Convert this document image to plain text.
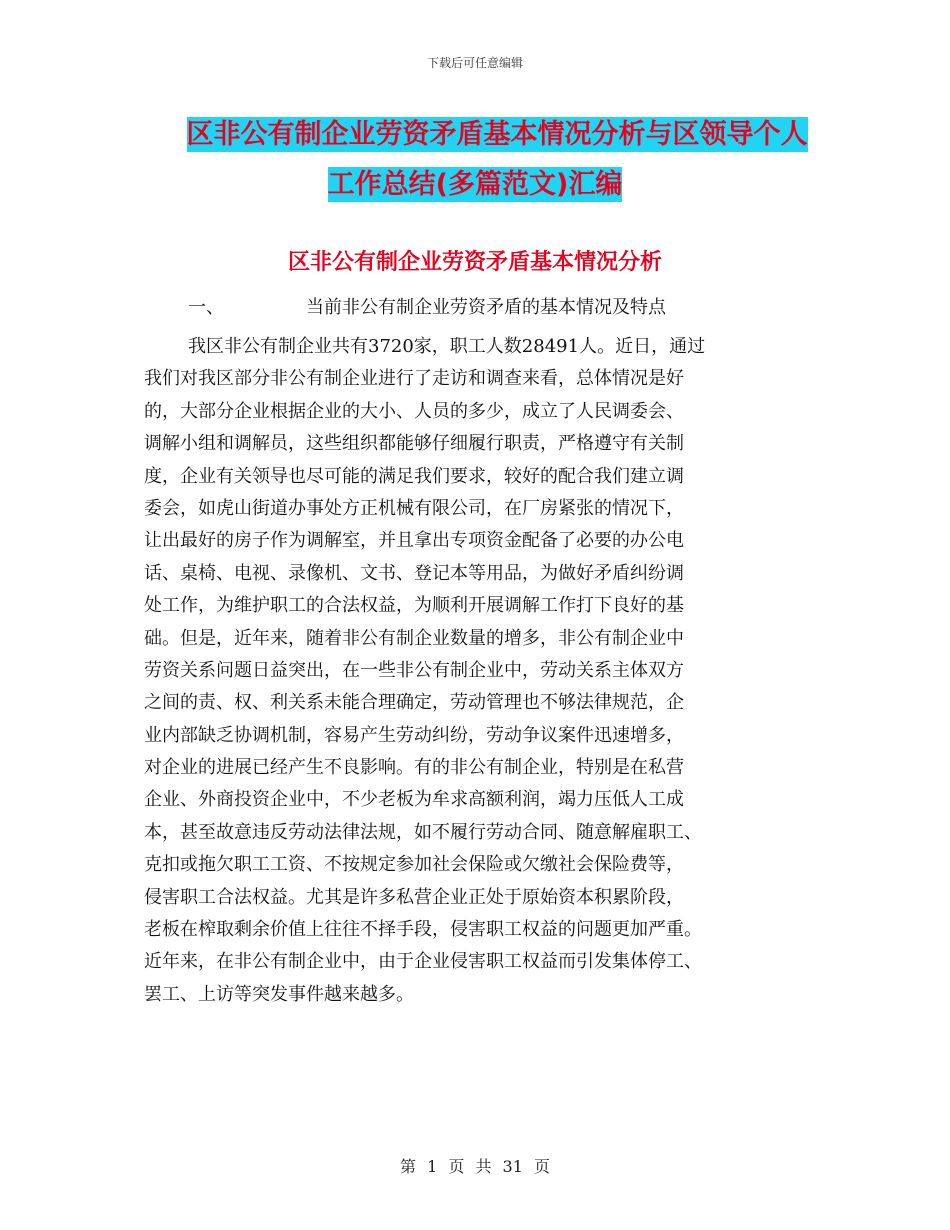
下载后可任意编辑
区非公有制企业劳资矛盾基本情况分析与区领导个人
工作总结(多篇范文)汇编
区非公有制企业劳资矛盾基本情况分析
一、	当前非公有制企业劳资矛盾的基本情况及特点
我区非公有制企业共有3720家，职工人数28491人。近日，通过
我们对我区部分非公有制企业进行了走访和调查来看，总体情况是好
的，大部分企业根据企业的大小、人员的多少，成立了人民调委会、
调解小组和调解员，这些组织都能够仔细履行职责，严格遵守有关制
度，企业有关领导也尽可能的满足我们要求，较好的配合我们建立调
委会，如虎山街道办事处方正机械有限公司，在厂房紧张的情况下，
让出最好的房子作为调解室，并且拿出专项资金配备了必要的办公电
话、桌椅、电视、录像机、文书、登记本等用品，为做好矛盾纠纷调
处工作，为维护职工的合法权益，为顺利开展调解工作打下良好的基
础。但是，近年来，随着非公有制企业数量的增多，非公有制企业中
劳资关系问题日益突出，在一些非公有制企业中，劳动关系主体双方
之间的责、权、利关系未能合理确定，劳动管理也不够法律规范，企
业内部缺乏协调机制，容易产生劳动纠纷，劳动争议案件迅速增多，
对企业的进展已经产生不良影响。有的非公有制企业，特别是在私营
企业、外商投资企业中，不少老板为牟求高额利润，竭力压低人工成
本，甚至故意违反劳动法律法规，如不履行劳动合同、随意解雇职工、
克扣或拖欠职工工资、不按规定参加社会保险或欠缴社会保险费等，
侵害职工合法权益。尤其是许多私营企业正处于原始资本积累阶段，
老板在榨取剩余价值上往往不择手段，侵害职工权益的问题更加严重。
近年来，在非公有制企业中，由于企业侵害职工权益而引发集体停工、
罢工、上访等突发事件越来越多。
第 1 页 共 31 页
